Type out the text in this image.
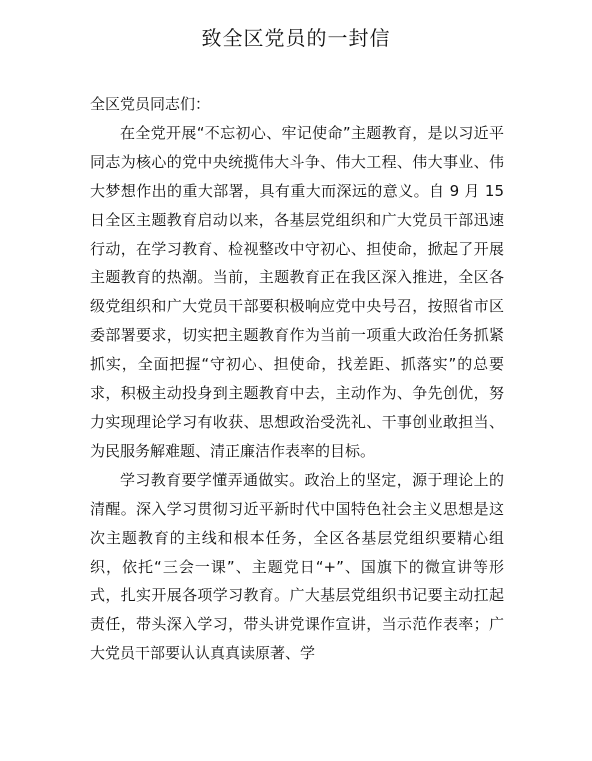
致全区党员的一封信

全区党员同志们：

在全党开展“不忘初心、牢记使命”主题教育，是以习近平同志为核心的党中央统揽伟大斗争、伟大工程、伟大事业、伟大梦想作出的重大部署，具有重大而深远的意义。自 9 月 15 日全区主题教育启动以来，各基层党组织和广大党员干部迅速行动，在学习教育、检视整改中守初心、担使命，掀起了开展主题教育的热潮。当前，主题教育正在我区深入推进，全区各级党组织和广大党员干部要积极响应党中央号召，按照省市区委部署要求，切实把主题教育作为当前一项重大政治任务抓紧抓实，全面把握“守初心、担使命，找差距、抓落实”的总要求，积极主动投身到主题教育中去，主动作为、争先创优，努力实现理论学习有收获、思想政治受洗礼、干事创业敢担当、为民服务解难题、清正廉洁作表率的目标。

学习教育要学懂弄通做实。政治上的坚定，源于理论上的清醒。深入学习贯彻习近平新时代中国特色社会主义思想是这次主题教育的主线和根本任务，全区各基层党组织要精心组织，依托“三会一课”、主题党日“+”、国旗下的微宣讲等形式，扎实开展各项学习教育。广大基层党组织书记要主动扛起责任，带头深入学习，带头讲党课作宣讲，当示范作表率；广大党员干部要认认真真读原著、学
